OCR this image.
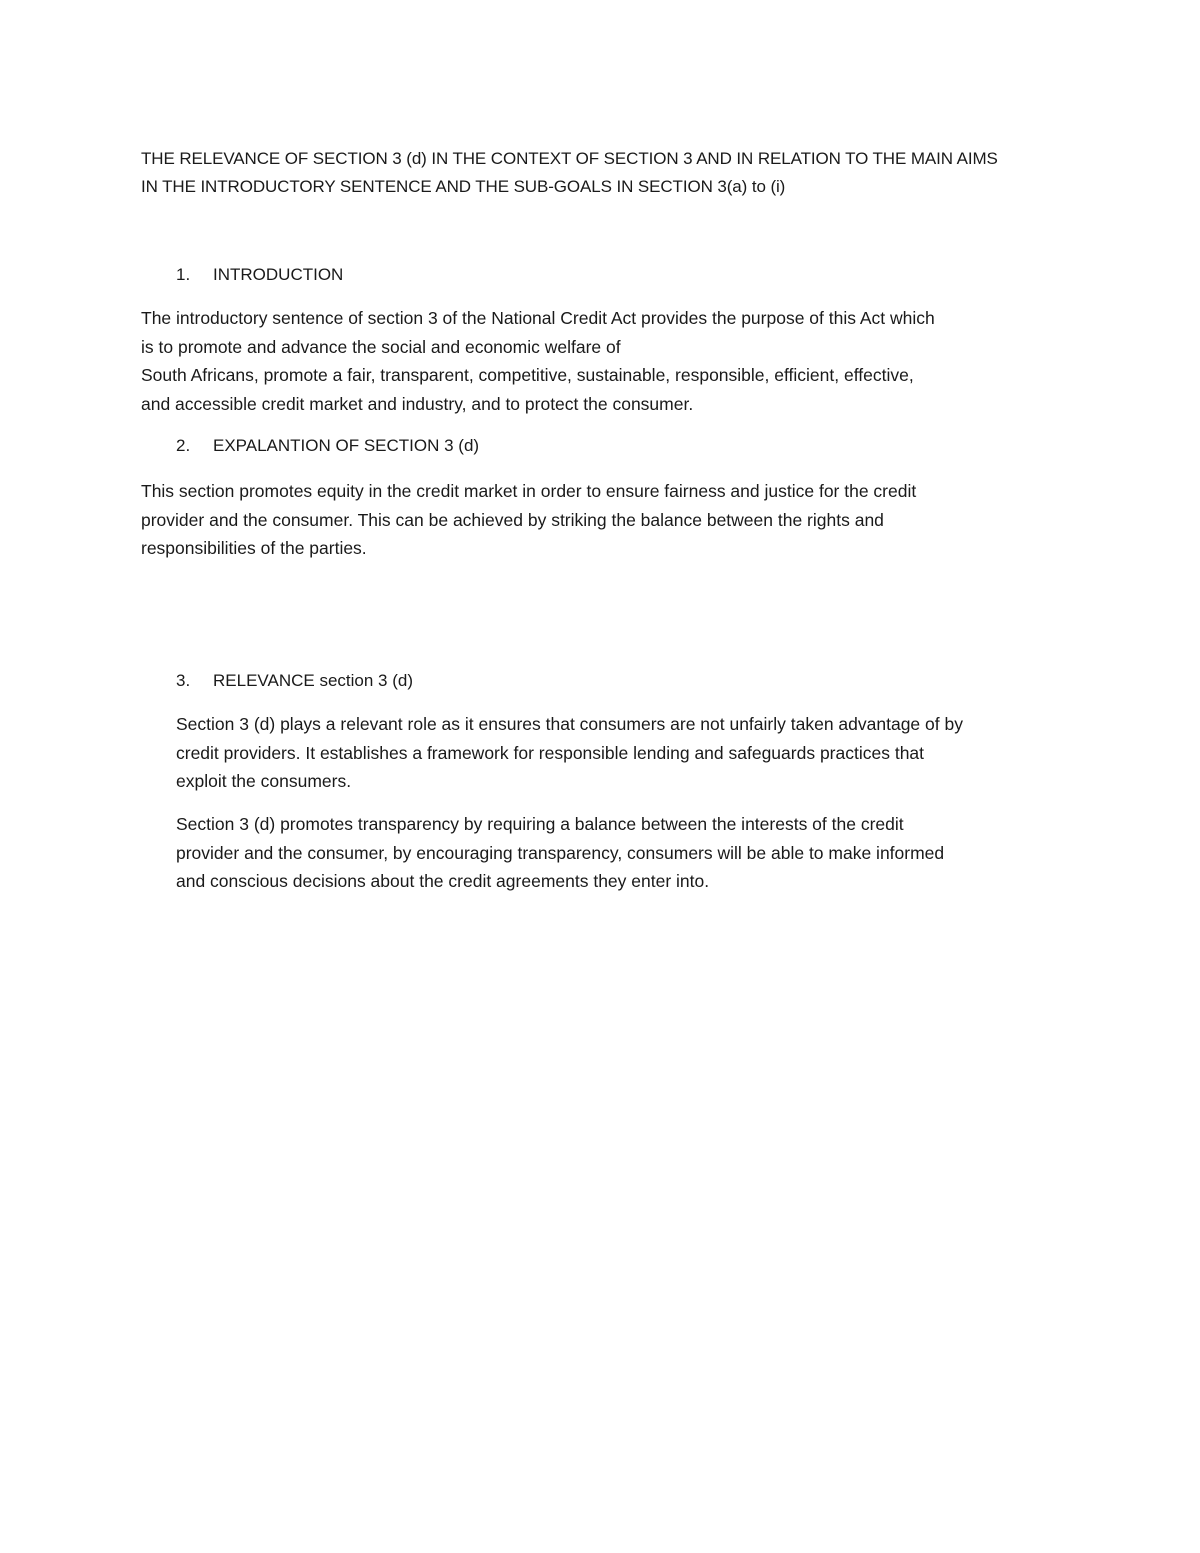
THE RELEVANCE OF SECTION 3 (d) IN THE CONTEXT OF SECTION 3 AND IN RELATION TO THE MAIN AIMS
IN THE INTRODUCTORY SENTENCE AND THE SUB-GOALS IN SECTION 3(a) to (i)
1. INTRODUCTION
The introductory sentence of section 3 of the National Credit Act provides the purpose of this Act which
is to promote and advance the social and economic welfare of
South Africans, promote a fair, transparent, competitive, sustainable, responsible, efficient, effective,
and accessible credit market and industry, and to protect the consumer.
2. EXPALANTION OF SECTION 3 (d)
This section promotes equity in the credit market in order to ensure fairness and justice for the credit
provider and the consumer. This can be achieved by striking the balance between the rights and
responsibilities of the parties.
3. RELEVANCE section 3 (d)
Section 3 (d) plays a relevant role as it ensures that consumers are not unfairly taken advantage of by
credit providers. It establishes a framework for responsible lending and safeguards practices that
exploit the consumers.
Section 3 (d) promotes transparency by requiring a balance between the interests of the credit
provider and the consumer, by encouraging transparency, consumers will be able to make informed
and conscious decisions about the credit agreements they enter into.
